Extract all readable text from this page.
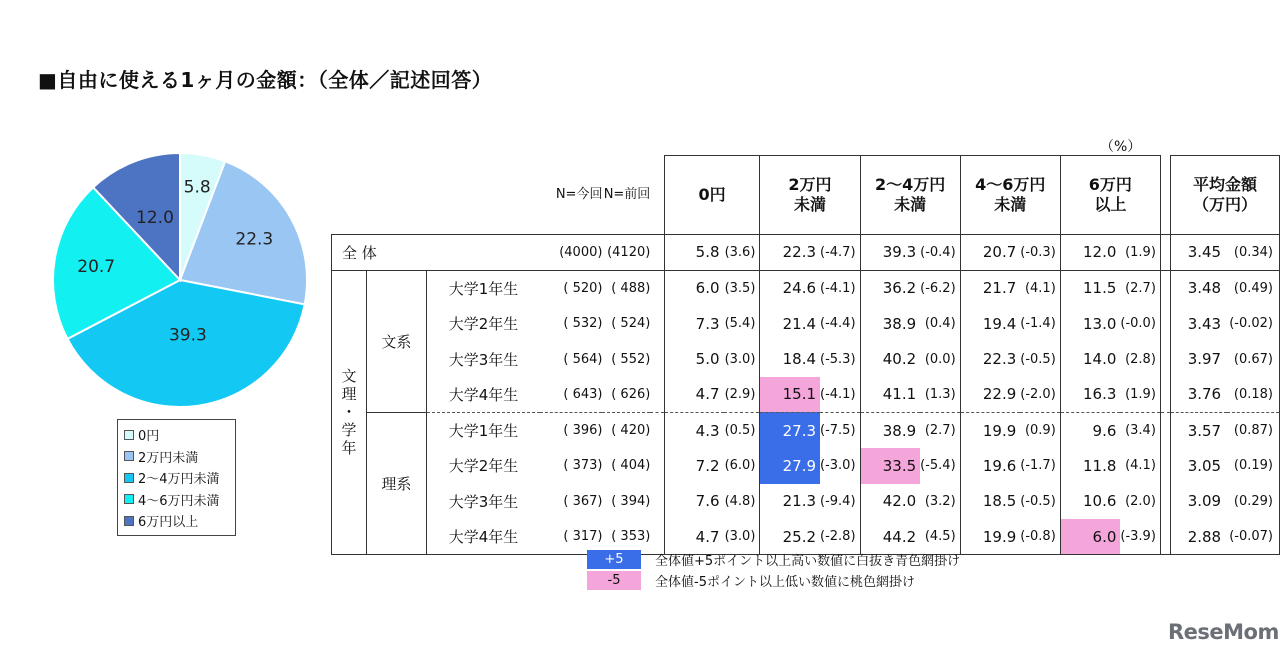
■自由に使える1ヶ月の金額：（全体／記述回答）
（%）
5.8
22.3
39.3
20.7
12.0
0円
2万円未満
2～4万円未満
4～6万円未満
6万円以上
			N=今回	N=前回		0円		2万円
未満		2～4万円
未満		4～6万円
未満		6万円
以上			平均金額
（万円）	
全 体			(4000)	(4120)		5.8	(3.6)	22.3	(-4.7)	39.3	(-0.4)	20.7	(-0.3)	12.0	(1.9)		3.45	(0.34)
文
理
・
学
年	文系	大学1年生	( 520)	( 488)		6.0	(3.5)	24.6	(-4.1)	36.2	(-6.2)	21.7	(4.1)	11.5	(2.7)		3.48	(0.49)
		大学2年生	( 532)	( 524)		7.3	(5.4)	21.4	(-4.4)	38.9	(0.4)	19.4	(-1.4)	13.0	(-0.0)		3.43	(-0.02)
		大学3年生	( 564)	( 552)		5.0	(3.0)	18.4	(-5.3)	40.2	(0.0)	22.3	(-0.5)	14.0	(2.8)		3.97	(0.67)
		大学4年生	( 643)	( 626)		4.7	(2.9)	15.1	(-4.1)	41.1	(1.3)	22.9	(-2.0)	16.3	(1.9)		3.76	(0.18)
	理系	大学1年生	( 396)	( 420)		4.3	(0.5)	27.3	(-7.5)	38.9	(2.7)	19.9	(0.9)	9.6	(3.4)		3.57	(0.87)
		大学2年生	( 373)	( 404)		7.2	(6.0)	27.9	(-3.0)	33.5	(-5.4)	19.6	(-1.7)	11.8	(4.1)		3.05	(0.19)
		大学3年生	( 367)	( 394)		7.6	(4.8)	21.3	(-9.4)	42.0	(3.2)	18.5	(-0.5)	10.6	(2.0)		3.09	(0.29)
		大学4年生	( 317)	( 353)		4.7	(3.0)	25.2	(-2.8)	44.2	(4.5)	19.9	(-0.8)	6.0	(-3.9)		2.88	(-0.07)
+5	全体値+5ポイント以上高い数値に白抜き青色網掛け
-5	全体値-5ポイント以上低い数値に桃色網掛け
ReseMom
